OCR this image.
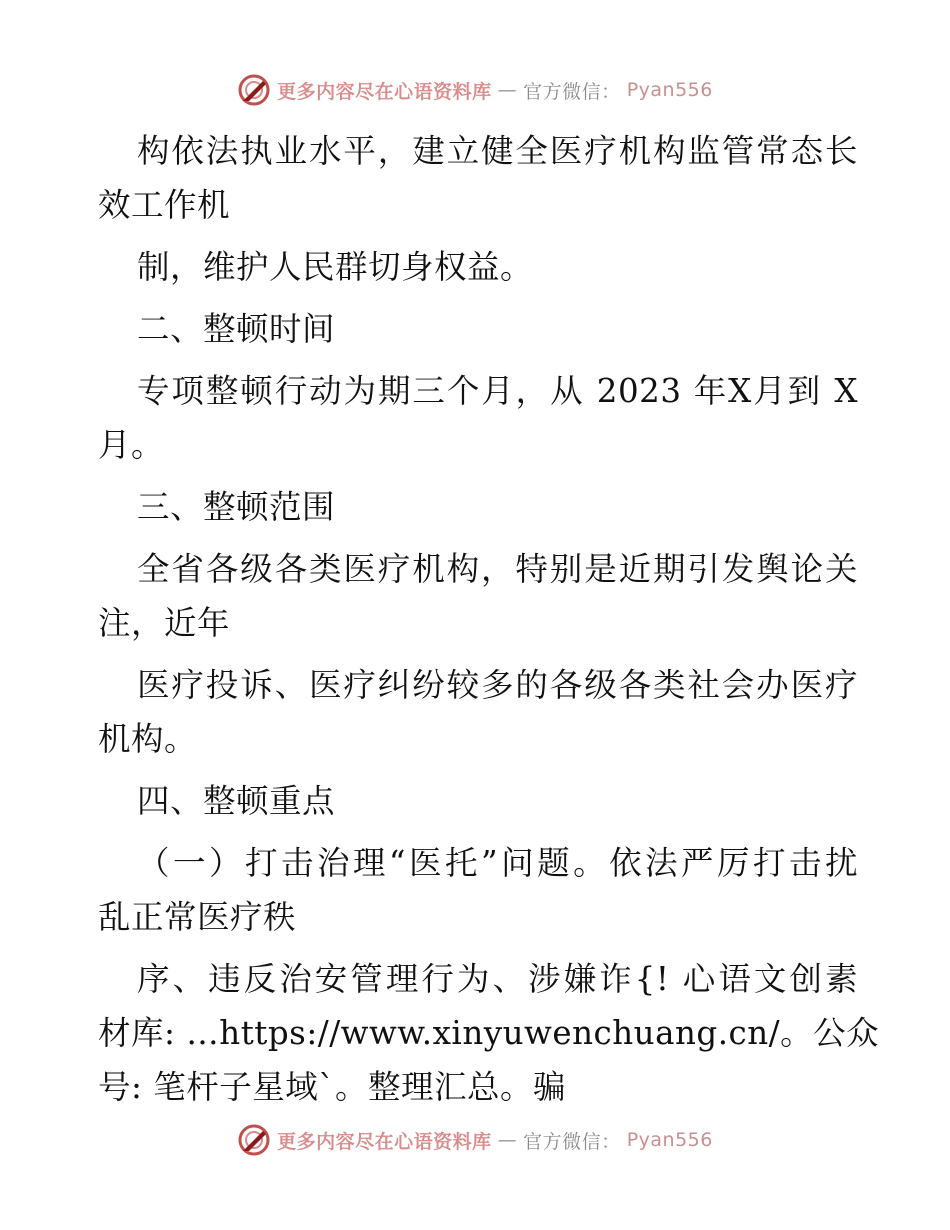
更多内容尽在心语资料库 — 官方微信： Pyan556
构依法执业水平，建立健全医疗机构监管常态长
效工作机
制，维护人民群切身权益。
二、整顿时间
专项整顿行动为期三个月，从 2023 年X月到 X
月。
三、整顿范围
全省各级各类医疗机构，特别是近期引发舆论关
注，近年
医疗投诉、医疗纠纷较多的各级各类社会办医疗
机构。
四、整顿重点
（一）打击治理“医托”问题。依法严厉打击扰
乱正常医疗秩
序、违反治安管理行为、涉嫌诈{! 心语文创素
材库: …https://www.xinyuwenchuang.cn/。公众
号: 笔杆子星域`。整理汇总。骗
更多内容尽在心语资料库 — 官方微信： Pyan556
